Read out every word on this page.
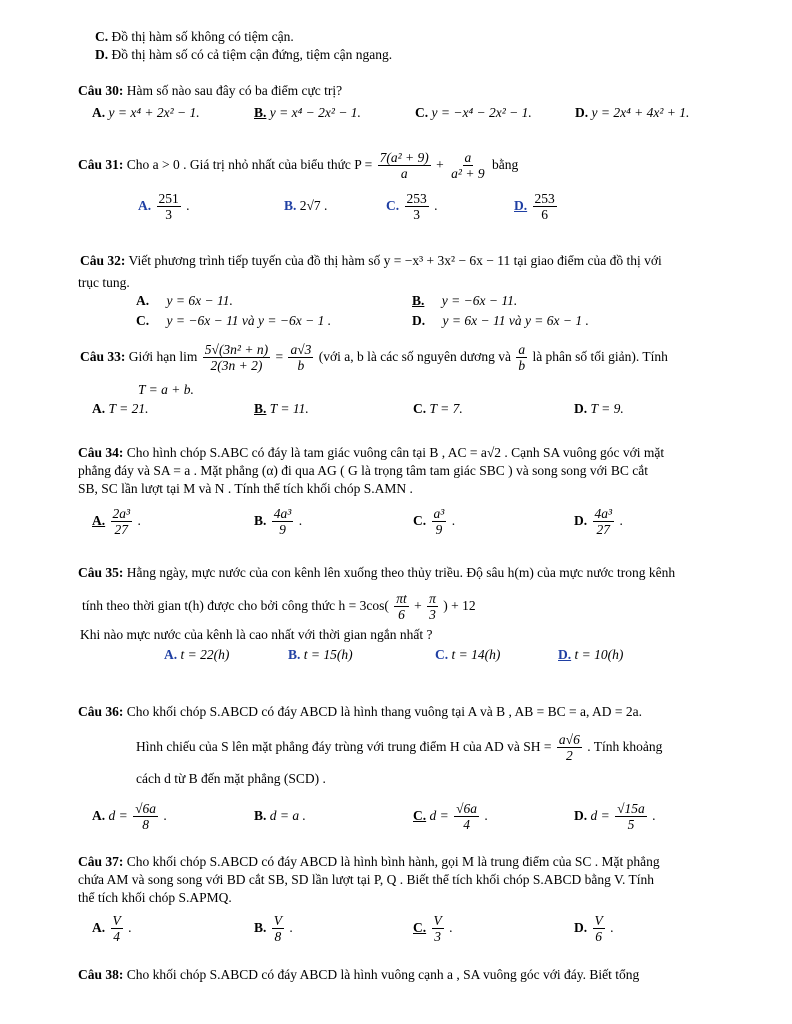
C. Đồ thị hàm số không có tiệm cận.
D. Đồ thị hàm số có cả tiệm cận đứng, tiệm cận ngang.
Câu 30: Hàm số nào sau đây có ba điểm cực trị?
A. y = x⁴ + 2x² − 1.	B. y = x⁴ − 2x² − 1.	C. y = −x⁴ − 2x² − 1.	D. y = 2x⁴ + 4x² + 1.
Câu 31: Cho a > 0 . Giá trị nhỏ nhất của biểu thức $P = \frac{\text{7(a² + 9)}}{a} + \frac{a}{\text{a² + 9}}$ bằng
A. $\frac{251}{3}$ .	B. 2√7 .	C. $\frac{253}{3}$ .	D. $\frac{253}{6}$
Câu 32: Viết phương trình tiếp tuyến của đồ thị hàm số y = −x³ + 3x² − 6x − 11 tại giao điểm của đồ thị với
trục tung.
A. y = 6x − 11.	B. y = −6x − 11.
C. y = −6x − 11 và y = −6x − 1 .	D. y = 6x − 11 và y = 6x − 1 .
Câu 33: Giới hạn $\lim \frac{\text{5√(3n² + n)}}{2(3n + 2)} = \frac{a√3}{b}$ (với a, b là các số nguyên dương và $\frac{a}{b}$ là phân số tối giản). Tính
T = a + b.
A. T = 21.	B. T = 11.	C. T = 7.	D. T = 9.
Câu 34: Cho hình chóp S.ABC có đáy là tam giác vuông cân tại B , AC = a√2 . Cạnh SA vuông góc với mặt
phẳng đáy và SA = a . Mặt phẳng (α) đi qua AG ( G là trọng tâm tam giác SBC ) và song song với BC cắt
SB, SC lần lượt tại M và N . Tính thể tích khối chóp S.AMN .
A. $\frac{\text{2a³}}{27}$ .	B. $\frac{\text{4a³}}{9}$ .	C. $\frac{\text{a³}}{9}$ .	D. $\frac{\text{4a³}}{27}$ .
Câu 35: Hằng ngày, mực nước của con kênh lên xuống theo thủy triều. Độ sâu h(m) của mực nước trong kênh
tính theo thời gian t(h) được cho bởi công thức $h = 3\cos( \frac{\pi t}{6} + \frac{\pi}{3}$ ) + 12
Khi nào mực nước của kênh là cao nhất với thời gian ngắn nhất ?
A. t = 22(h)	B. t = 15(h)	C. t = 14(h)	D. t = 10(h)
Câu 36: Cho khối chóp S.ABCD có đáy ABCD là hình thang vuông tại A và B , AB = BC = a, AD = 2a.
Hình chiếu của S lên mặt phẳng đáy trùng với trung điểm H của AD và SH = $\frac{a√6}{2}$ . Tính khoảng
cách d từ B đến mặt phẳng (SCD) .
A. $d = \frac{√6a}{8}$ .	B. d = a .	C. $d = \frac{√6a}{4}$ .	D. $d = \frac{√15a}{5}$ .
Câu 37: Cho khối chóp S.ABCD có đáy ABCD là hình bình hành, gọi M là trung điểm của SC . Mặt phẳng
chứa AM và song song với BD cắt SB, SD lần lượt tại P, Q . Biết thể tích khối chóp S.ABCD bằng V. Tính
thể tích khối chóp S.APMQ.
A. $\frac{V}{4}$ .	B. $\frac{V}{8}$ .	C. $\frac{V}{3}$ .	D. $\frac{V}{6}$ .
Câu 38: Cho khối chóp S.ABCD có đáy ABCD là hình vuông cạnh a , SA vuông góc với đáy. Biết tổng
